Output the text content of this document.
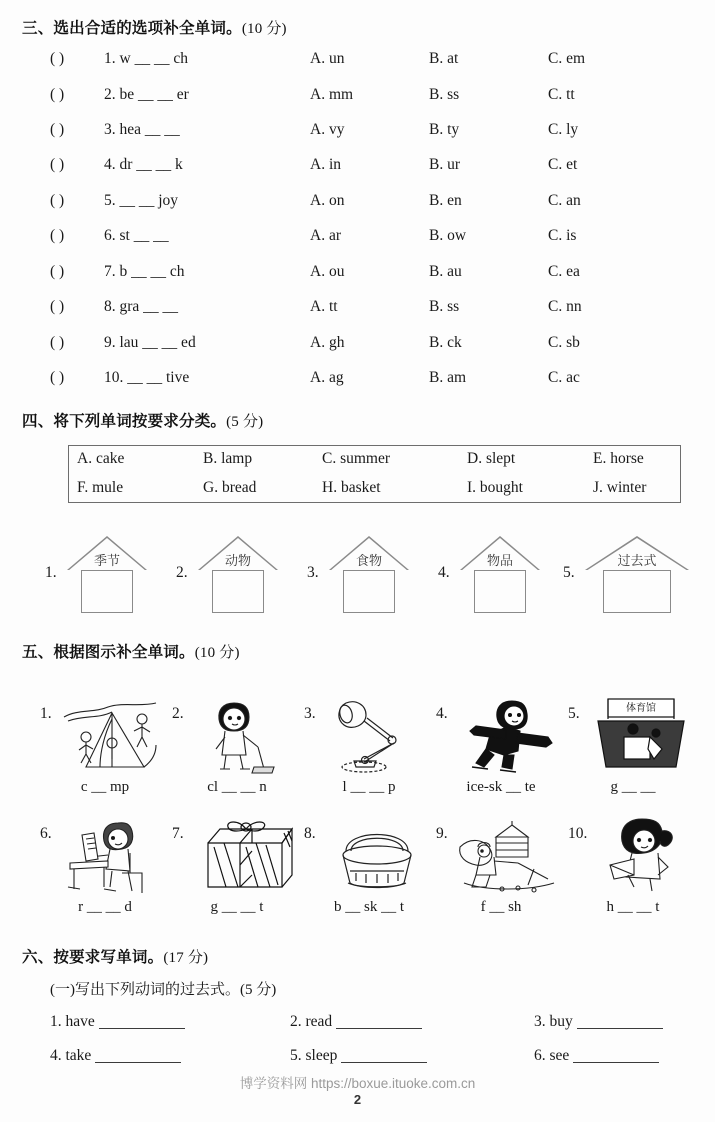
三、选出合适的选项补全单词。(10 分)
( )	1. w __ __ ch	A. un	B. at	C. em
( )	2. be __ __ er	A. mm	B. ss	C. tt
( )	3. hea __ __	A. vy	B. ty	C. ly
( )	4. dr __ __ k	A. in	B. ur	C. et
( )	5. __ __ joy	A. on	B. en	C. an
( )	6. st __ __	A. ar	B. ow	C. is
( )	7. b __ __ ch	A. ou	B. au	C. ea
( )	8. gra __ __	A. tt	B. ss	C. nn
( )	9. lau __ __ ed	A. gh	B. ck	C. sb
( )	10. __ __ tive	A. ag	B. am	C. ac
四、将下列单词按要求分类。(5 分)
A. cake	B. lamp	C. summer	D. slept	E. horse
F. mule	G. bread	H. basket	I. bought	J. winter
1.
季节
2.
动物
3.
食物
4.
物品
5.
过去式
五、根据图示补全单词。(10 分)
1.
c __ mp
2.
cl __ __ n
3.
l __ __ p
4.
ice-sk __ te
5.
g __ __
体育馆
6.
r __ __ d
7.
g __ __ t
8.
b __ sk __ t
9.
f __ sh
10.
h __ __ t
六、按要求写单词。(17 分)
(一)写出下列动词的过去式。(5 分)
1. have	2. read	3. buy
4. take	5. sleep	6. see
博学资料网 https://boxue.ituoke.com.cn
2
